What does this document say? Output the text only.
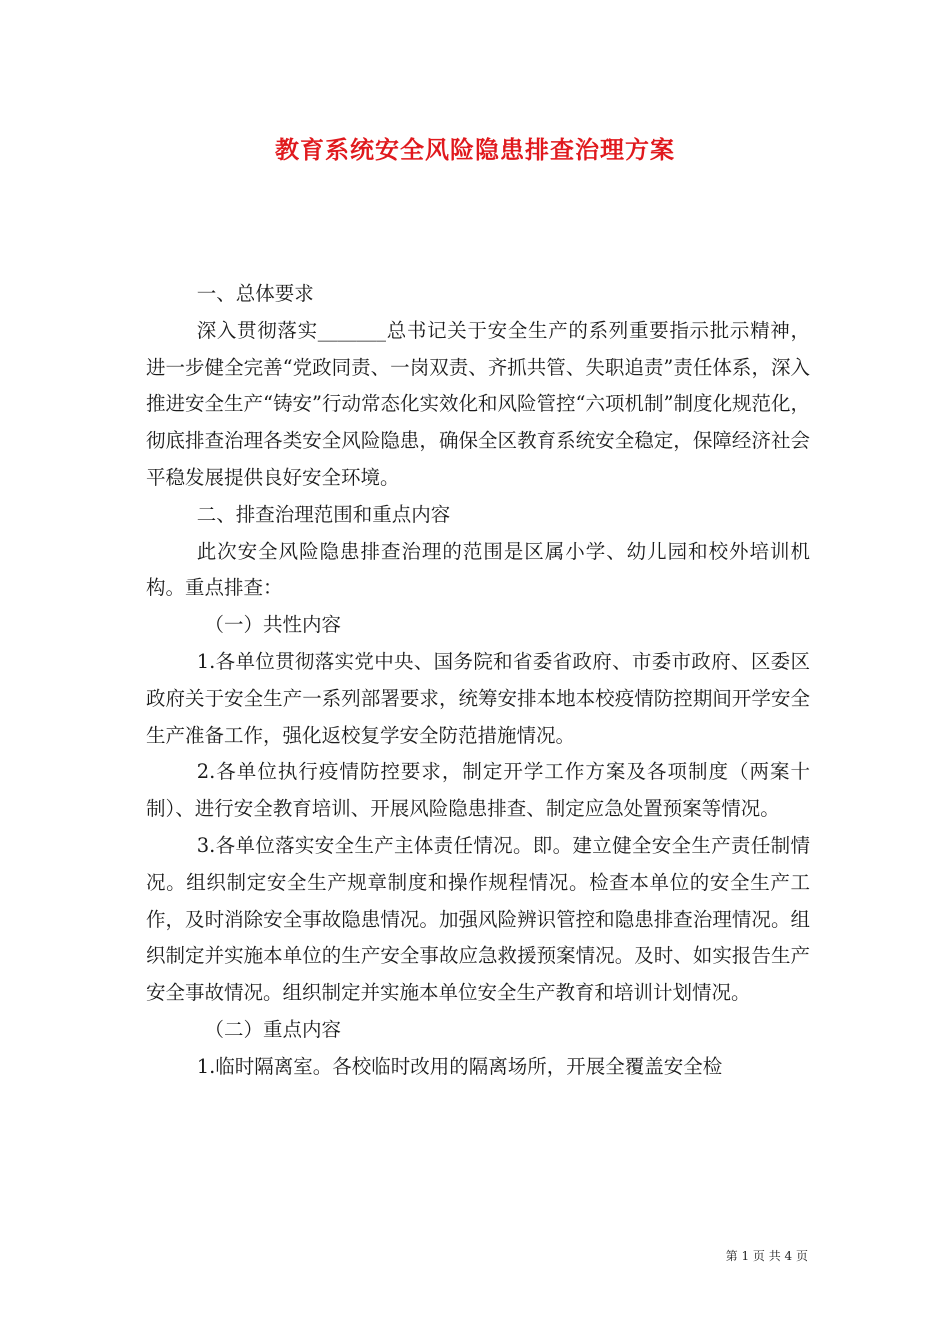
教育系统安全风险隐患排查治理方案

一、总体要求

深入贯彻落实_______总书记关于安全生产的系列重要指示批示精神，进一步健全完善“党政同责、一岗双责、齐抓共管、失职追责”责任体系，深入推进安全生产“铸安”行动常态化实效化和风险管控“六项机制”制度化规范化，彻底排查治理各类安全风险隐患，确保全区教育系统安全稳定，保障经济社会平稳发展提供良好安全环境。

二、排查治理范围和重点内容

此次安全风险隐患排查治理的范围是区属小学、幼儿园和校外培训机构。重点排查：

（一）共性内容

1.各单位贯彻落实党中央、国务院和省委省政府、市委市政府、区委区政府关于安全生产一系列部署要求，统筹安排本地本校疫情防控期间开学安全生产准备工作，强化返校复学安全防范措施情况。

2.各单位执行疫情防控要求，制定开学工作方案及各项制度（两案十制）、进行安全教育培训、开展风险隐患排查、制定应急处置预案等情况。

3.各单位落实安全生产主体责任情况。即。建立健全安全生产责任制情况。组织制定安全生产规章制度和操作规程情况。检查本单位的安全生产工作，及时消除安全事故隐患情况。加强风险辨识管控和隐患排查治理情况。组织制定并实施本单位的生产安全事故应急救援预案情况。及时、如实报告生产安全事故情况。组织制定并实施本单位安全生产教育和培训计划情况。

（二）重点内容

1.临时隔离室。各校临时改用的隔离场所，开展全覆盖安全检

第 1 页 共 4 页
